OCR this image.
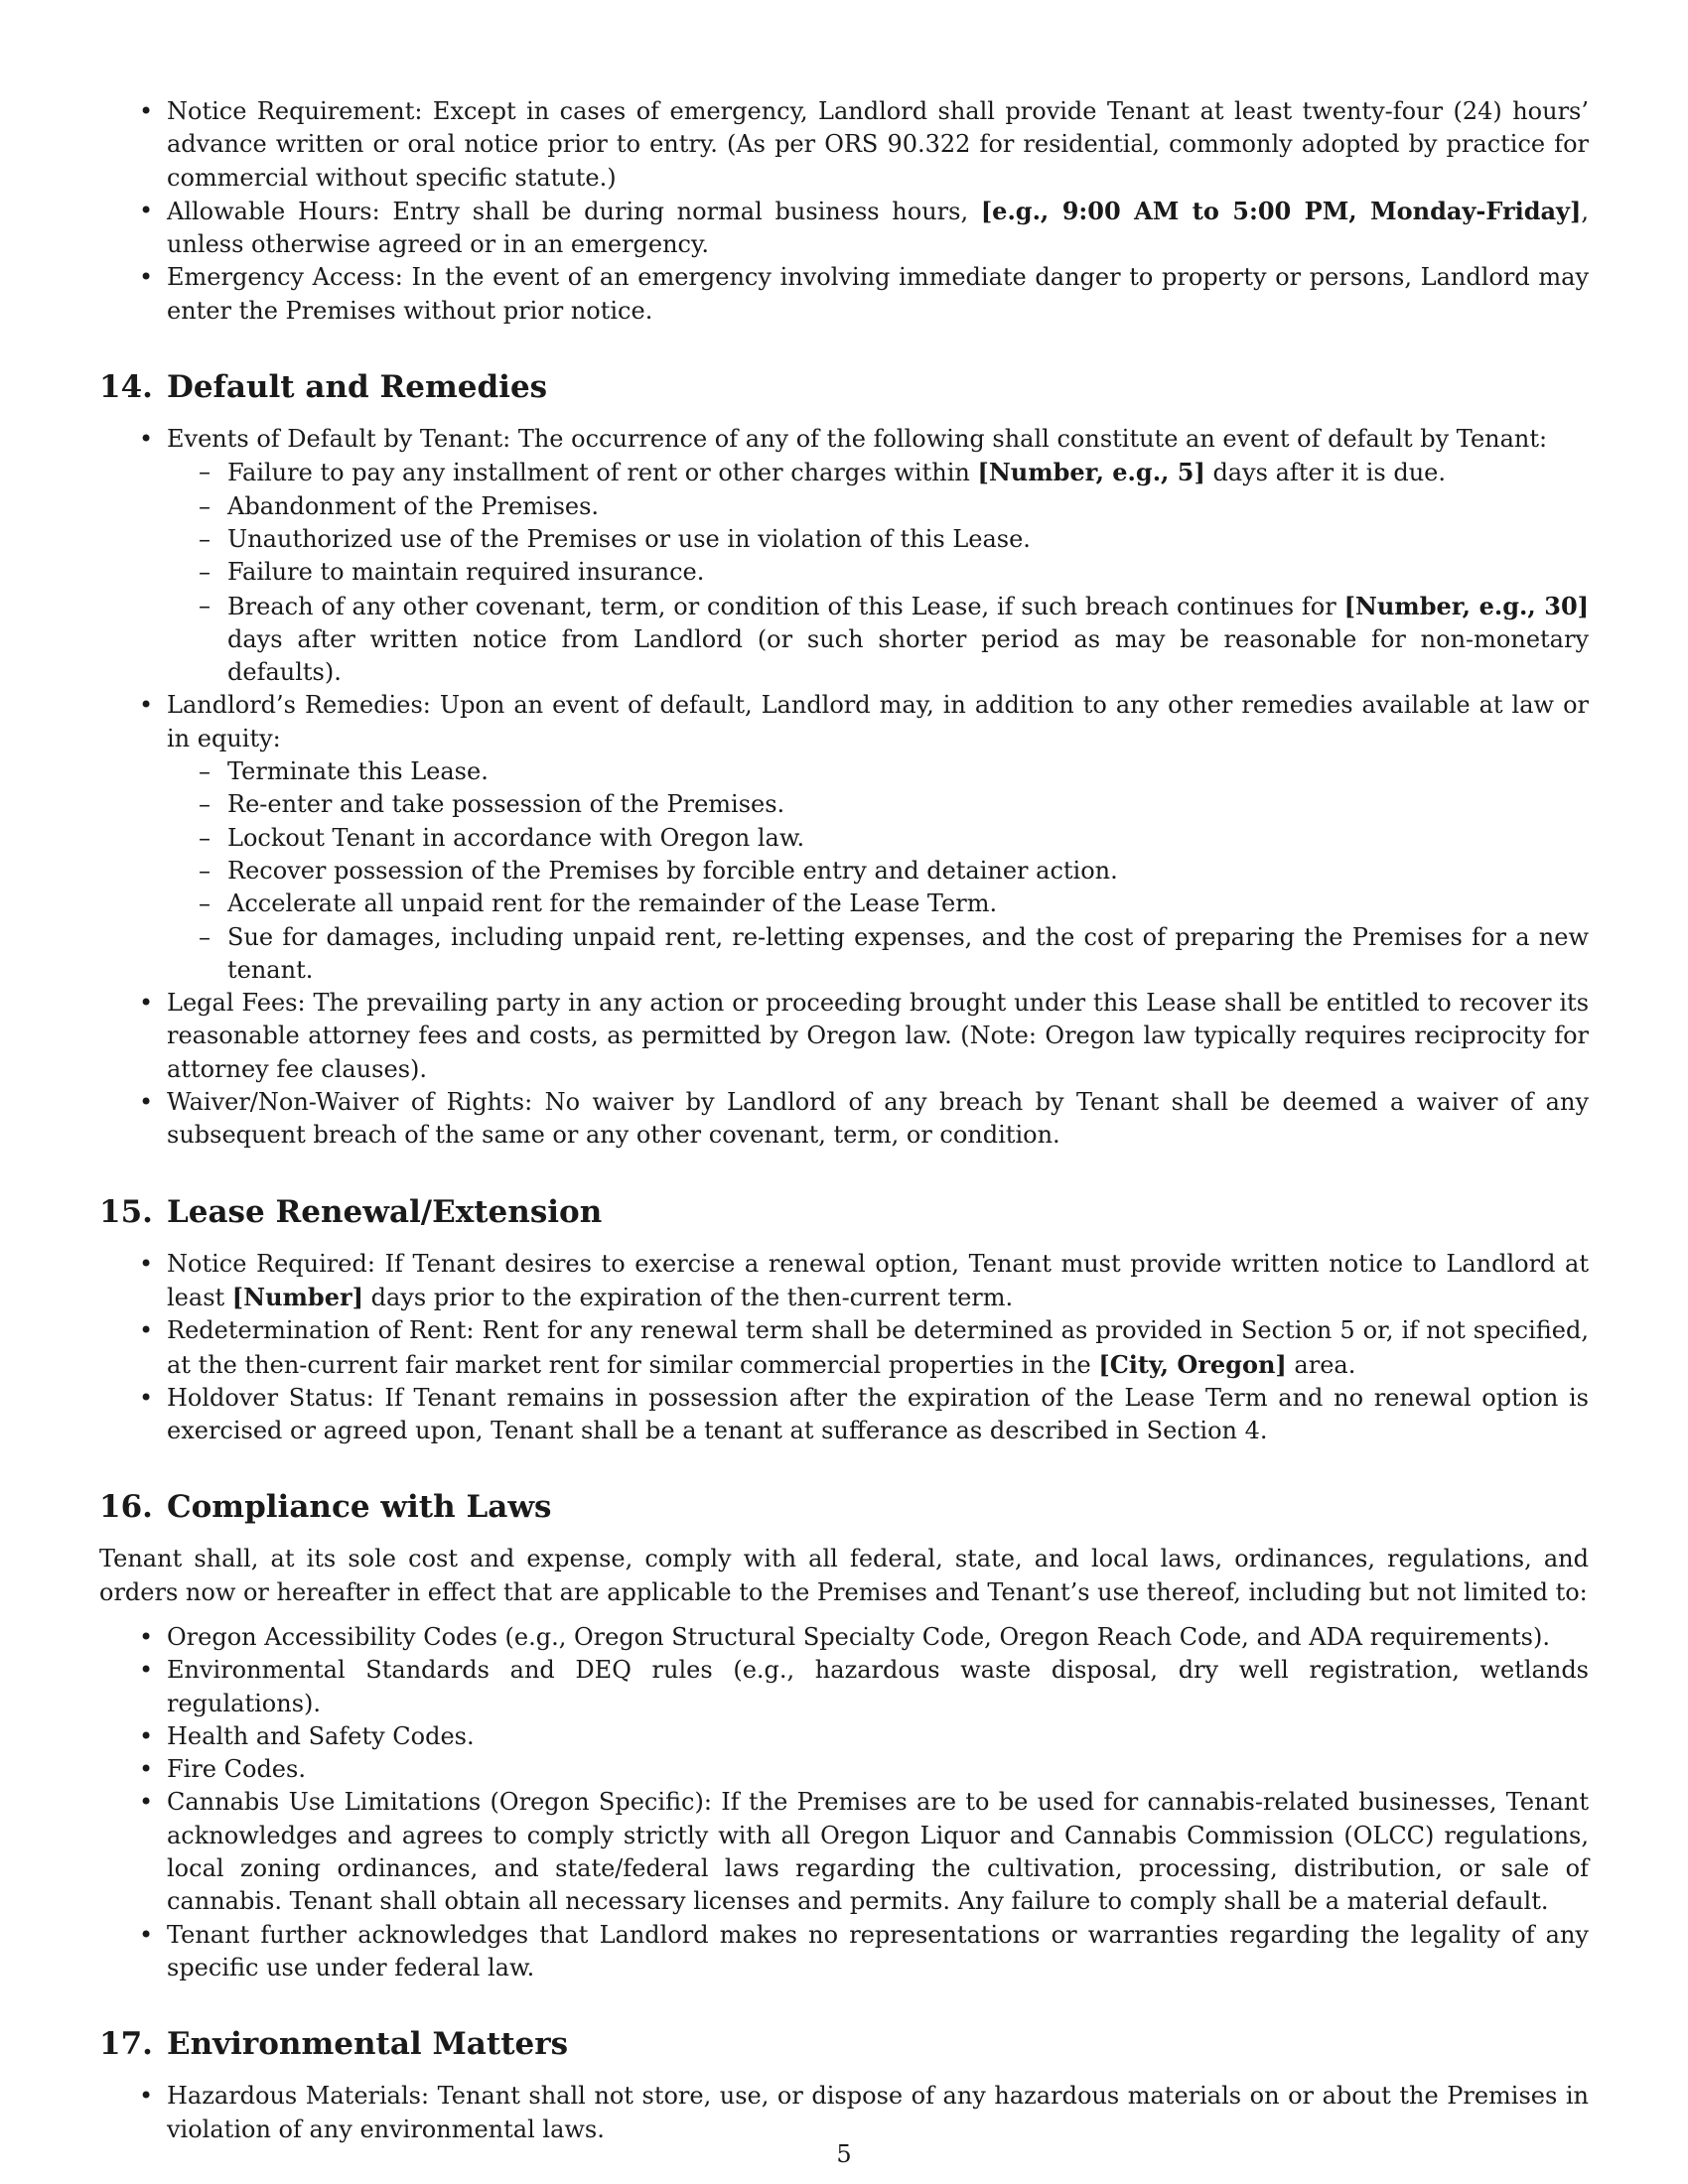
• Notice Requirement: Except in cases of emergency, Landlord shall provide Tenant at least twenty-four (24) hours’ advance written or oral notice prior to entry. (As per ORS 90.322 for residential, commonly adopted by practice for commercial without specific statute.)
• Allowable Hours: Entry shall be during normal business hours, [e.g., 9:00 AM to 5:00 PM, Monday-Friday], unless otherwise agreed or in an emergency.
• Emergency Access: In the event of an emergency involving immediate danger to property or persons, Landlord may enter the Premises without prior notice.
14. Default and Remedies
• Events of Default by Tenant: The occurrence of any of the following shall constitute an event of default by Tenant:
– Failure to pay any installment of rent or other charges within [Number, e.g., 5] days after it is due.
– Abandonment of the Premises.
– Unauthorized use of the Premises or use in violation of this Lease.
– Failure to maintain required insurance.
– Breach of any other covenant, term, or condition of this Lease, if such breach continues for [Number, e.g., 30] days after written notice from Landlord (or such shorter period as may be reasonable for non-monetary defaults).
• Landlord’s Remedies: Upon an event of default, Landlord may, in addition to any other remedies available at law or in equity:
– Terminate this Lease.
– Re-enter and take possession of the Premises.
– Lockout Tenant in accordance with Oregon law.
– Recover possession of the Premises by forcible entry and detainer action.
– Accelerate all unpaid rent for the remainder of the Lease Term.
– Sue for damages, including unpaid rent, re-letting expenses, and the cost of preparing the Premises for a new tenant.
• Legal Fees: The prevailing party in any action or proceeding brought under this Lease shall be entitled to recover its reasonable attorney fees and costs, as permitted by Oregon law. (Note: Oregon law typically requires reciprocity for attorney fee clauses).
• Waiver/Non-Waiver of Rights: No waiver by Landlord of any breach by Tenant shall be deemed a waiver of any subsequent breach of the same or any other covenant, term, or condition.
15. Lease Renewal/Extension
• Notice Required: If Tenant desires to exercise a renewal option, Tenant must provide written notice to Landlord at least [Number] days prior to the expiration of the then-current term.
• Redetermination of Rent: Rent for any renewal term shall be determined as provided in Section 5 or, if not specified, at the then-current fair market rent for similar commercial properties in the [City, Oregon] area.
• Holdover Status: If Tenant remains in possession after the expiration of the Lease Term and no renewal option is exercised or agreed upon, Tenant shall be a tenant at sufferance as described in Section 4.
16. Compliance with Laws

Tenant shall, at its sole cost and expense, comply with all federal, state, and local laws, ordinances, regulations, and orders now or hereafter in effect that are applicable to the Premises and Tenant’s use thereof, including but not limited to:

• Oregon Accessibility Codes (e.g., Oregon Structural Specialty Code, Oregon Reach Code, and ADA requirements).
• Environmental Standards and DEQ rules (e.g., hazardous waste disposal, dry well registration, wetlands regulations).
• Health and Safety Codes.
• Fire Codes.
• Cannabis Use Limitations (Oregon Specific): If the Premises are to be used for cannabis-related businesses, Tenant acknowledges and agrees to comply strictly with all Oregon Liquor and Cannabis Commission (OLCC) regulations, local zoning ordinances, and state/federal laws regarding the cultivation, processing, distribution, or sale of cannabis. Tenant shall obtain all necessary licenses and permits. Any failure to comply shall be a material default.
• Tenant further acknowledges that Landlord makes no representations or warranties regarding the legality of any specific use under federal law.
17. Environmental Matters
• Hazardous Materials: Tenant shall not store, use, or dispose of any hazardous materials on or about the Premises in violation of any environmental laws.
5
